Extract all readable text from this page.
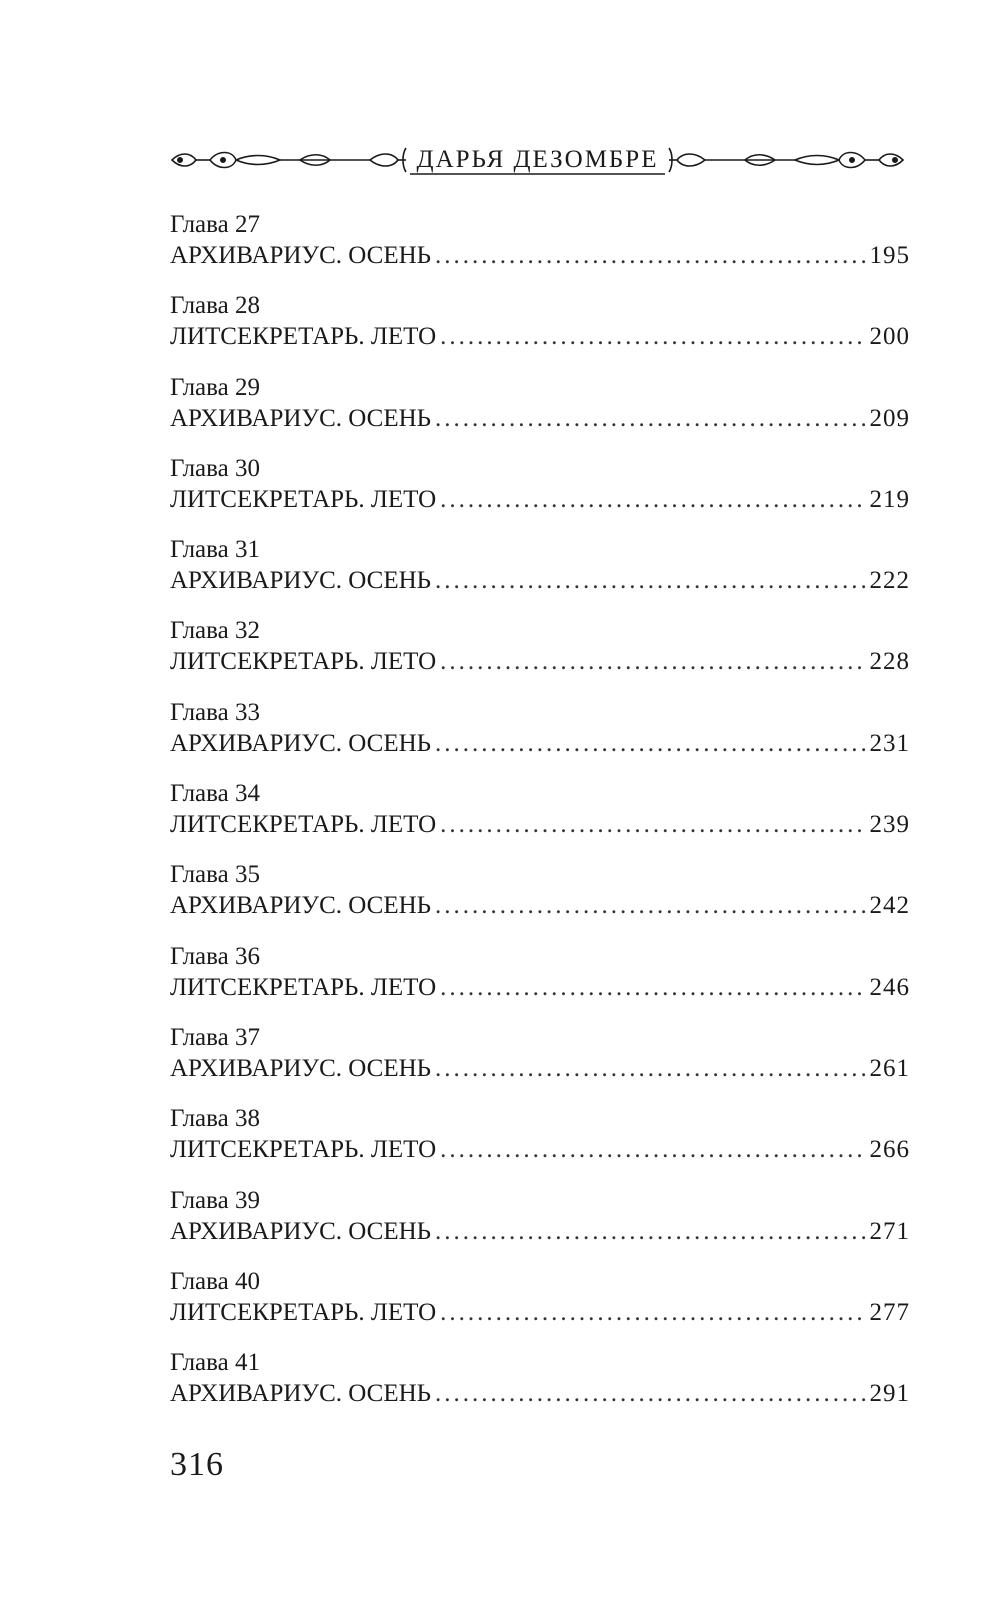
ДАРЬЯ ДЕЗОМБРЕ
Глава 27
АРХИВАРИУС. ОСЕНЬ .....	195
Глава 28
ЛИТСЕКРЕТАРЬ. ЛЕТО .....	200
Глава 29
АРХИВАРИУС. ОСЕНЬ .....	209
Глава 30
ЛИТСЕКРЕТАРЬ. ЛЕТО .....	219
Глава 31
АРХИВАРИУС. ОСЕНЬ .....	222
Глава 32
ЛИТСЕКРЕТАРЬ. ЛЕТО .....	228
Глава 33
АРХИВАРИУС. ОСЕНЬ .....	231
Глава 34
ЛИТСЕКРЕТАРЬ. ЛЕТО .....	239
Глава 35
АРХИВАРИУС. ОСЕНЬ .....	242
Глава 36
ЛИТСЕКРЕТАРЬ. ЛЕТО .....	246
Глава 37
АРХИВАРИУС. ОСЕНЬ .....	261
Глава 38
ЛИТСЕКРЕТАРЬ. ЛЕТО .....	266
Глава 39
АРХИВАРИУС. ОСЕНЬ .....	271
Глава 40
ЛИТСЕКРЕТАРЬ. ЛЕТО .....	277
Глава 41
АРХИВАРИУС. ОСЕНЬ .....	291
316
